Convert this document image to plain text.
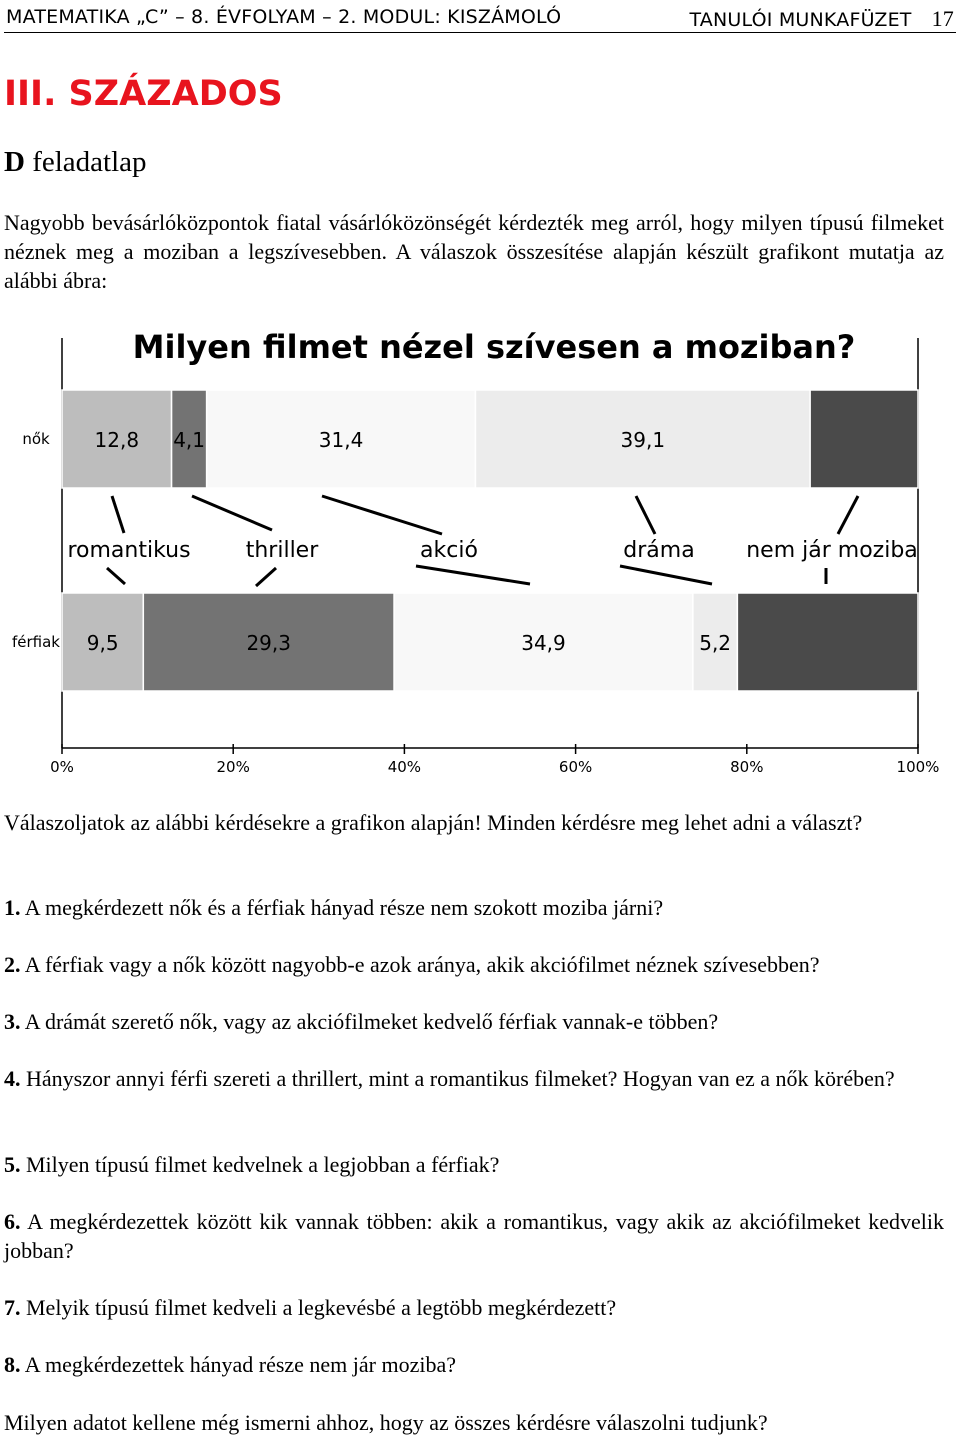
MATEMATIKA „C” – 8. ÉVFOLYAM – 2. MODUL: KISZÁMOLÓ	TANULÓI MUNKAFÜZET 17
III. SZÁZADOS
D feladatlap
Nagyobb bevásárlóközpontok fiatal vásárlóközönségét kérdezték meg arról, hogy milyen típusú filmeket néznek meg a moziban a legszívesebben. A válaszok összesítése alapján készült grafikont mutatja az alábbi ábra:
Milyen filmet nézel szívesen a moziban?
nők 12,8 4,1	31,4	39,1
férfiak 9,5	29,3	34,9	5,2
romantikus	thriller	akció	dráma nem jár moziba
0%	20%	40%	60%	80%	100%
Válaszoljatok az alábbi kérdésekre a grafikon alapján! Minden kérdésre meg lehet adni a választ?
1. A megkérdezett nők és a férfiak hányad része nem szokott moziba járni?
2. A férfiak vagy a nők között nagyobb-e azok aránya, akik akciófilmet néznek szívesebben?
3. A drámát szerető nők, vagy az akciófilmeket kedvelő férfiak vannak-e többen?
4. Hányszor annyi férfi szereti a thrillert, mint a romantikus filmeket? Hogyan van ez a nők körében?
5. Milyen típusú filmet kedvelnek a legjobban a férfiak?
6. A megkérdezettek között kik vannak többen: akik a romantikus, vagy akik az akciófilmeket kedvelik jobban?
7. Melyik típusú filmet kedveli a legkevésbé a legtöbb megkérdezett?
8. A megkérdezettek hányad része nem jár moziba?
Milyen adatot kellene még ismerni ahhoz, hogy az összes kérdésre válaszolni tudjunk?
